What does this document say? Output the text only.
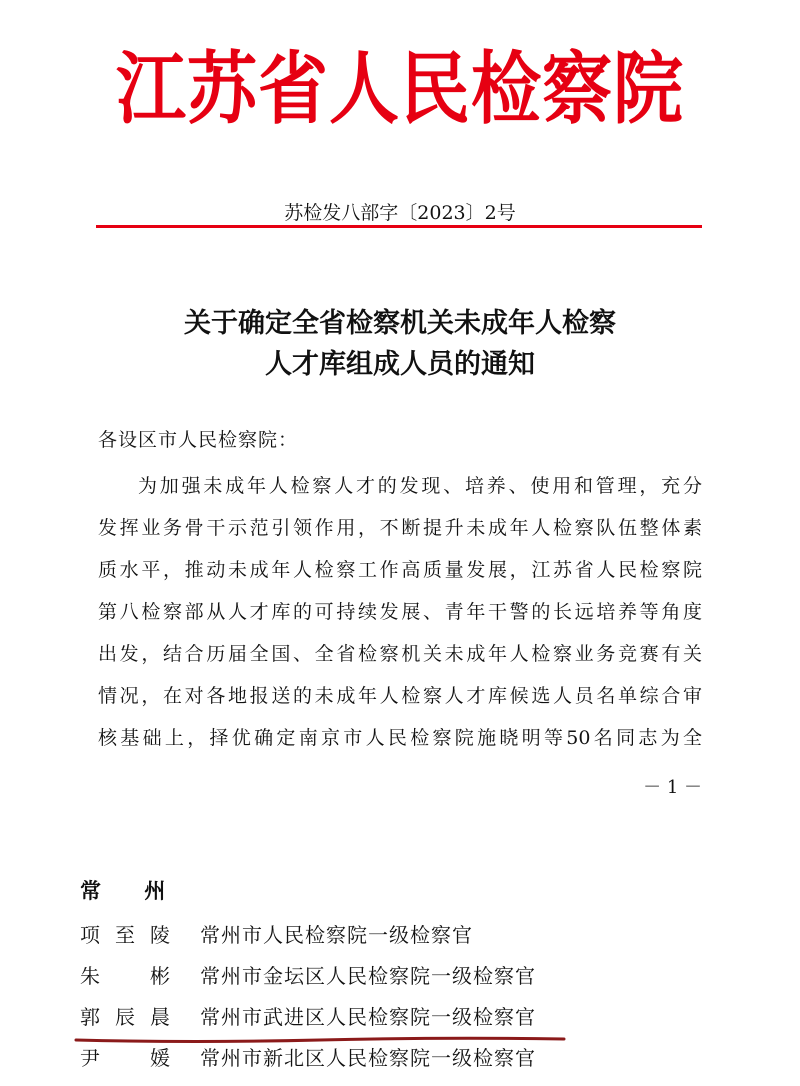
江苏省人民检察院
苏检发八部字〔2023〕2号
关于确定全省检察机关未成年人检察
人才库组成人员的通知
各设区市人民检察院：
为加强未成年人检察人才的发现、培养、使用和管理，充分
发挥业务骨干示范引领作用，不断提升未成年人检察队伍整体素
质水平，推动未成年人检察工作高质量发展，江苏省人民检察院
第八检察部从人才库的可持续发展、青年干警的长远培养等角度
出发，结合历届全国、全省检察机关未成年人检察业务竞赛有关
情况，在对各地报送的未成年人检察人才库候选人员名单综合审
核基础上，择优确定南京市人民检察院施晓明等50名同志为全
－ 1 －
常 州
项至陵 常州市人民检察院一级检察官
朱彬 常州市金坛区人民检察院一级检察官
郭辰晨 常州市武进区人民检察院一级检察官
尹媛 常州市新北区人民检察院一级检察官
